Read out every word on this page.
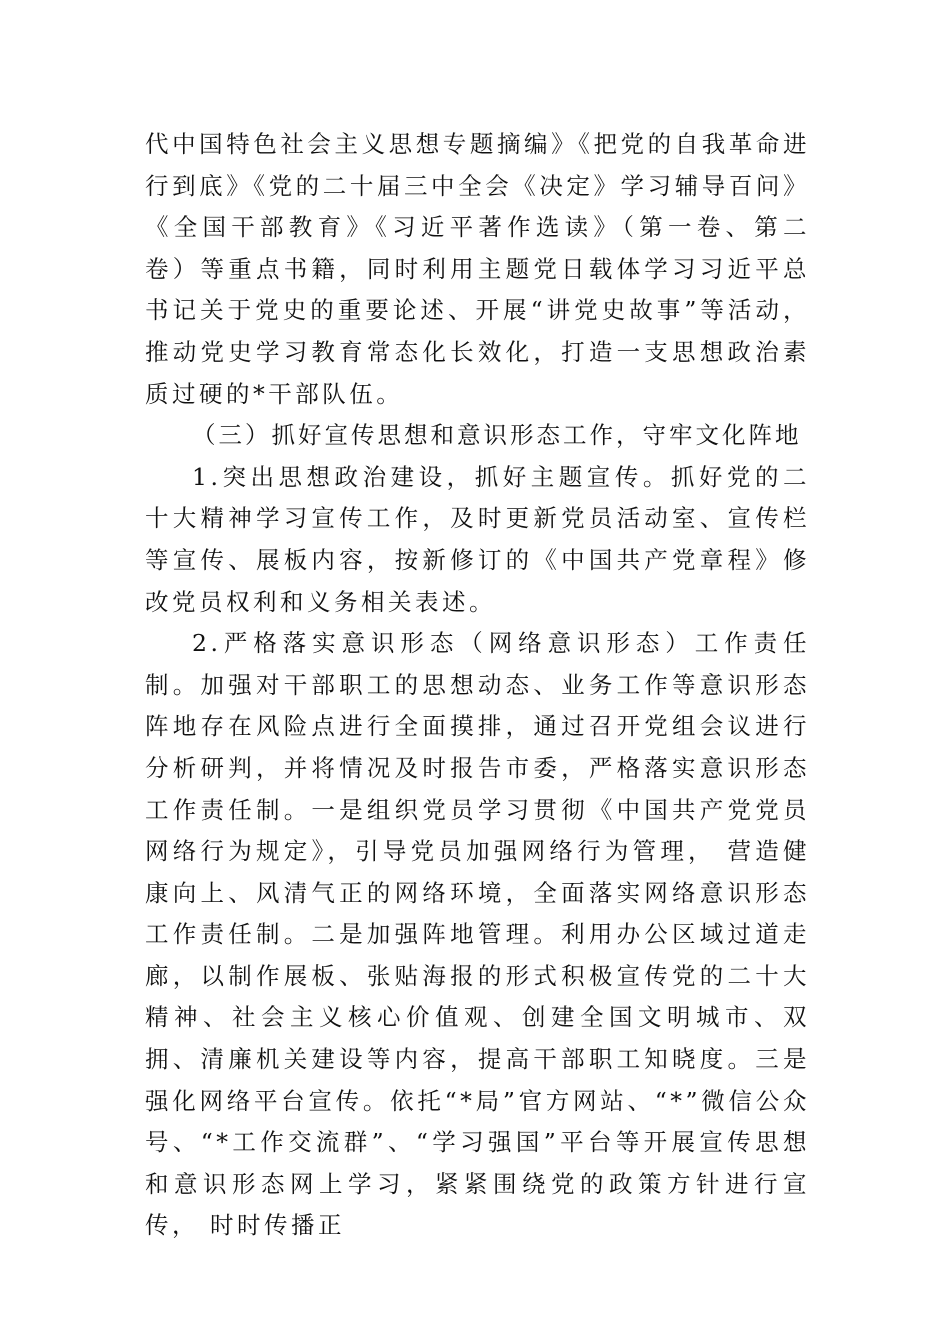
代中国特色社会主义思想专题摘编》《把党的自我革命进行到底》《党的二十届三中全会《决定》学习辅导百问》《全国干部教育》《习近平著作选读》（第一卷、第二卷）等重点书籍，同时利用主题党日载体学习习近平总书记关于党史的重要论述、开展“讲党史故事”等活动，推动党史学习教育常态化长效化，打造一支思想政治素质过硬的*干部队伍。

（三）抓好宣传思想和意识形态工作，守牢文化阵地

1.突出思想政治建设，抓好主题宣传。抓好党的二十大精神学习宣传工作，及时更新党员活动室、宣传栏等宣传、展板内容，按新修订的《中国共产党章程》修改党员权利和义务相关表述。

2.严格落实意识形态（网络意识形态）工作责任制。加强对干部职工的思想动态、业务工作等意识形态阵地存在风险点进行全面摸排，通过召开党组会议进行分析研判，并将情况及时报告市委，严格落实意识形态工作责任制。一是组织党员学习贯彻《中国共产党党员网络行为规定》，引导党员加强网络行为管理， 营造健康向上、风清气正的网络环境，全面落实网络意识形态工作责任制。二是加强阵地管理。利用办公区域过道走廊，以制作展板、张贴海报的形式积极宣传党的二十大精神、社会主义核心价值观、创建全国文明城市、双拥、清廉机关建设等内容，提高干部职工知晓度。三是强化网络平台宣传。依托“*局”官方网站、“*”微信公众号、“*工作交流群”、“学习强国”平台等开展宣传思想和意识形态网上学习，紧紧围绕党的政策方针进行宣传， 时时传播正
